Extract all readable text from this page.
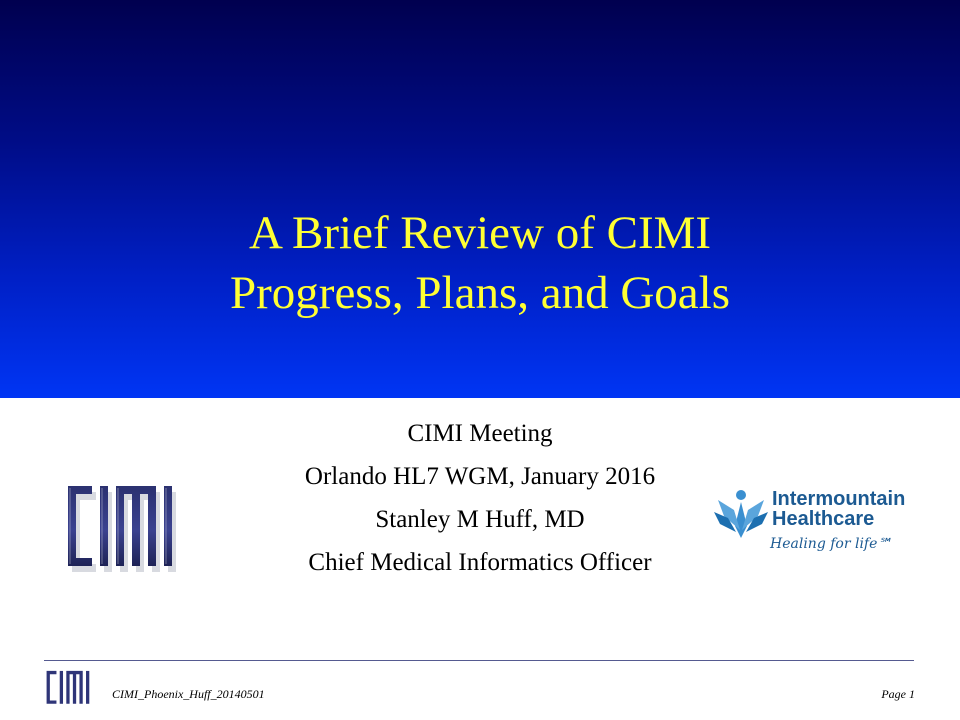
A Brief Review of CIMI
Progress, Plans, and Goals
CIMI Meeting
Orlando HL7 WGM, January 2016
Stanley M Huff, MD
Chief Medical Informatics Officer
Intermountain
Healthcare
Healing for life℠
CIMI_Phoenix_Huff_20140501	Page 1
